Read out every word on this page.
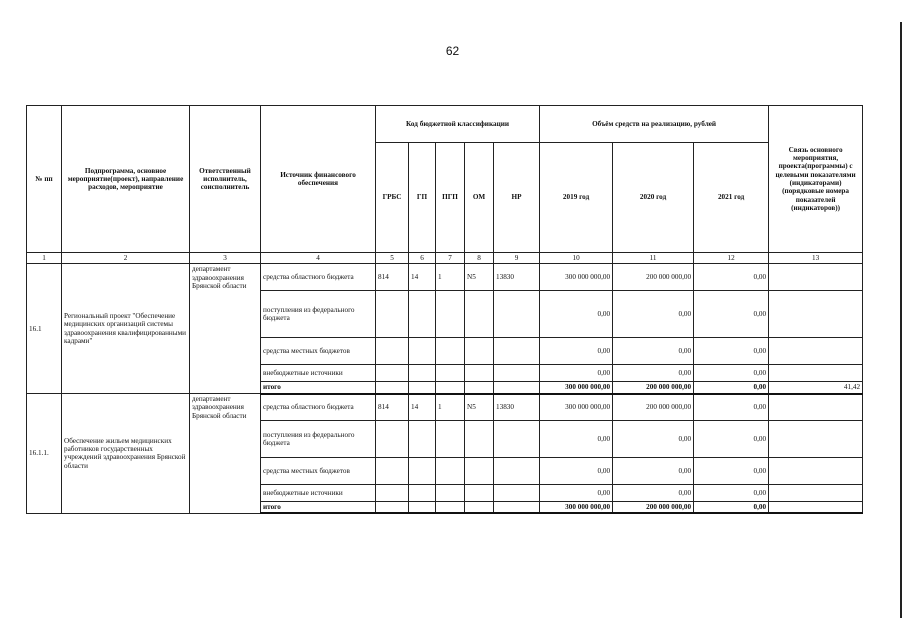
62
№ пп	Подпрограмма, основное мероприятие(проект), направление расходов, мероприятие	Ответственный исполнитель, соисполнитель	Источник финансового обеспечения	Код бюджетной классификации					Объём средств на реализацию, рублей			Связь основного мероприятия, проекта(программы) с целевыми показателями (индикаторами) (порядковые номера показателей (индикаторов))
				ГРБС	ГП	ПГП	ОМ	НР	2019 год	2020 год	2021 год	
1	2	3	4	5	6	7	8	9	10	11	12	13
16.1	Региональный проект "Обеспечение медицинских организаций системы здравоохранения квалифицированными кадрами"	департамент здравоохранения Брянской области	средства областного бюджета	814	14	1	N5	13830	300 000 000,00	200 000 000,00	0,00	
			поступления из федерального бюджета						0,00	0,00	0,00	
			средства местных бюджетов						0,00	0,00	0,00	
			внебюджетные источники						0,00	0,00	0,00	
			итого						300 000 000,00	200 000 000,00	0,00	41,42
16.1.1.	Обеспечение жильем медицинских работников государственных учреждений здравоохранения Брянской области	департамент здравоохранения Брянской области	средства областного бюджета	814	14	1	N5	13830	300 000 000,00	200 000 000,00	0,00	
			поступления из федерального бюджета						0,00	0,00	0,00	
			средства местных бюджетов						0,00	0,00	0,00	
			внебюджетные источники						0,00	0,00	0,00	
			итого						300 000 000,00	200 000 000,00	0,00	
